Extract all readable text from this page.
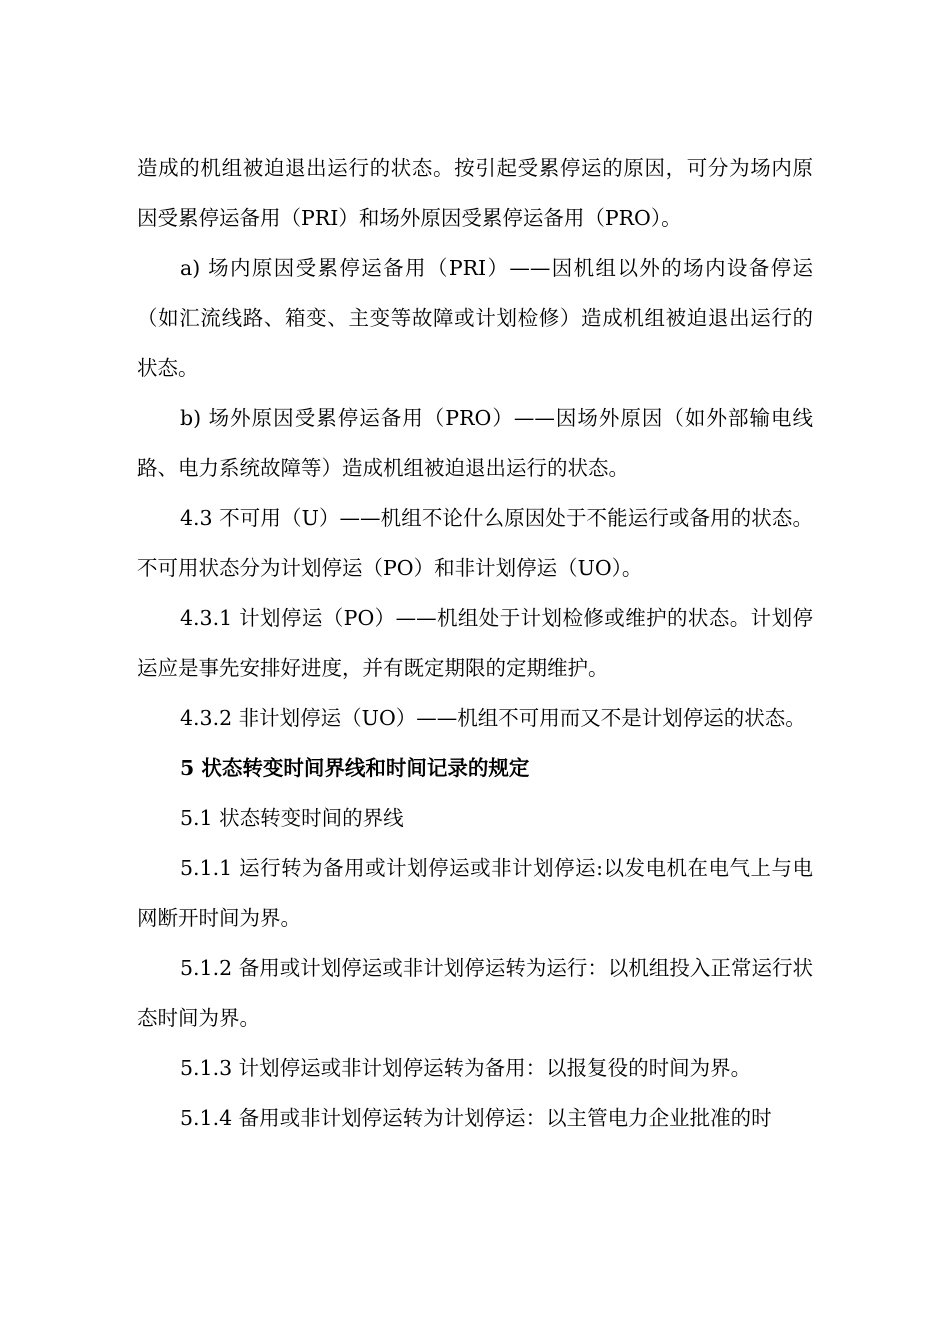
造成的机组被迫退出运行的状态。按引起受累停运的原因，可分为场内原因受累停运备用（PRI）和场外原因受累停运备用（PRO）。

a) 场内原因受累停运备用（PRI）——因机组以外的场内设备停运（如汇流线路、箱变、主变等故障或计划检修）造成机组被迫退出运行的状态。

b) 场外原因受累停运备用（PRO）——因场外原因（如外部输电线路、电力系统故障等）造成机组被迫退出运行的状态。

4.3 不可用（U）——机组不论什么原因处于不能运行或备用的状态。不可用状态分为计划停运（PO）和非计划停运（UO）。

4.3.1 计划停运（PO）——机组处于计划检修或维护的状态。计划停运应是事先安排好进度，并有既定期限的定期维护。

4.3.2 非计划停运（UO）——机组不可用而又不是计划停运的状态。

5 状态转变时间界线和时间记录的规定

5.1 状态转变时间的界线

5.1.1 运行转为备用或计划停运或非计划停运:以发电机在电气上与电网断开时间为界。

5.1.2 备用或计划停运或非计划停运转为运行：以机组投入正常运行状态时间为界。

5.1.3 计划停运或非计划停运转为备用：以报复役的时间为界。

5.1.4 备用或非计划停运转为计划停运：以主管电力企业批准的时
